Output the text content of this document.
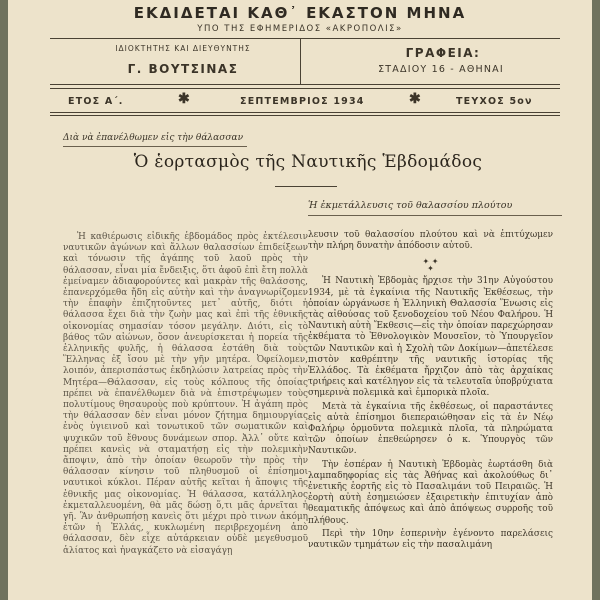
ΕΚΔΙΔΕΤΑΙ ΚΑΘ᾿ ΕΚΑΣΤΟΝ ΜΗΝΑ
ΥΠΟ ΤΗΣ ΕΦΗΜΕΡΙΔΟΣ «ΑΚΡΟΠΟΛΙΣ»
ΙΔΙΟΚΤΗΤΗΣ ΚΑΙ ΔΙΕΥΘΥΝΤΗΣ
Γ. ΒΟΥΤΣΙΝΑΣ
ΓΡΑΦΕΙΑ:
ΣΤΑΔΙΟΥ 16 - ΑΘΗΝΑΙ
ΕΤΟΣ Α΄.	✱	ΣΕΠΤΕΜΒΡΙΟΣ 1934	✱	ΤΕΥΧΟΣ 5ον
Διὰ νὰ ἐπανέλθωμεν εἰς τὴν θάλασσαν
Ὁ ἑορτασμὸς τῆς Ναυτικῆς Ἑβδομάδος
Ἡ ἐκμετάλλευσις τοῦ θαλασσίου πλούτου

Ἡ καθιέρωσις εἰδικῆς ἑβδομάδος πρὸς ἐκτέλεσιν ναυτικῶν ἀγώνων καὶ ἄλλων θαλασσίων ἐπιδείξεων καὶ τόνωσιν τῆς ἀγάπης τοῦ λαοῦ πρὸς τὴν θάλασσαν, εἶναι μία ἔνδειξις, ὅτι ἀφοῦ ἐπὶ ἔτη πολλὰ ἐμείναμεν ἀδιαφορούντες καὶ μακρὰν τῆς θαλάσσης, ἐπανερχόμεθα ἤδη εἰς αὐτὴν καὶ τὴν ἀναγνωρίζομεν τὴν ἐπαφὴν ἐπιζητοῦντες μετ᾿ αὐτῆς, διότι ἡ θάλασσα ἔχει διὰ τὴν ζωὴν μας καὶ ἐπὶ τῆς ἐθνικῆς οἰκονομίας σημασίαν τόσον μεγάλην. Διότι, εἰς τὸ βάθος τῶν αἰώνων, ὅσον ἀνευρίσκεται ἡ πορεία τῆς ἑλληνικῆς φυλῆς, ἡ θάλασσα ἐστάθη διὰ τοὺς Ἕλληνας ἐξ ἴσου μὲ τὴν γῆν μητέρα. Ὀφείλομεν, λοιπόν, ἀπερισπάστως ἐκδηλώσιν λατρείας πρὸς τὴν Μητέρα—Θάλασσαν, εἰς τοὺς κόλπους τῆς ὁποίας πρέπει νὰ ἐπανέλθωμεν διὰ νὰ ἐπιστρέψωμεν τοὺς πολυτίμους θησαυροὺς ποὺ κρύπτουν. Ἡ ἀγάπη πρὸς τὴν θάλασσαν δὲν εἶναι μόνον ζήτημα δημιουργίας ἑνὸς ὑγιεινοῦ καὶ τονωτικοῦ τῶν σωματικῶν καὶ ψυχικῶν τοῦ ἔθνους δυνάμεων σπορ. Ἀλλ᾿ οὔτε καὶ πρέπει κανεὶς νὰ σταματήσῃ εἰς τὴν πολεμικὴν ἄποψιν, ἀπὸ τὴν ὁποίαν θεωροῦν τὴν πρὸς τὴν θάλασσαν κίνησιν τοῦ πληθυσμοῦ οἱ ἐπίσημοι ναυτικοὶ κύκλοι. Πέραν αὐτῆς κεῖται ἡ ἄποψις τῆς ἐθνικῆς μας οἰκονομίας. Ἡ θάλασσα, κατάλληλος ἐκμεταλλευομένη, θὰ μᾶς δώσῃ ὅ,τι μᾶς ἀρνεῖται ἡ γῆ. Ἂν ἀνθρωπήσῃ κανεὶς ὅτι μέχρι πρὸ τινων ἀκόμη ἐτῶν ἡ Ἑλλάς, κυκλωμένη περιβρεχομένη ἀπὸ θάλασσαν, δὲν εἶχε αὐτάρκειαν οὐδὲ μεγεθυσμοῦ ἁλίατος καὶ ἠναγκάζετο νὰ εἰσαγάγῃ

λευσιν τοῦ θαλασσίου πλούτου καὶ νὰ ἐπιτύχωμεν τὴν πλήρη δυνατὴν ἀπόδοσιν αὐτοῦ.

✦ ✦
✦

Ἡ Ναυτικὴ Ἑβδομὰς ἤρχισε τὴν 31ην Αὐγούστου 1934, μὲ τὰ ἐγκαίνια τῆς Ναυτικῆς Ἐκθέσεως, τὴν ὁποίαν ὠργάνωσε ἡ Ἑλληνικὴ Θαλασσία Ἕνωσις εἰς τὰς αἰθούσας τοῦ ξενοδοχείου τοῦ Νέου Φαλήρου. Ἡ Ναυτικὴ αὐτὴ Ἔκθεσις—εἰς τὴν ὁποίαν παρεχώρησαν ἐκθέματα τὸ Ἐθνολογικὸν Μουσεῖον, τὸ Ὑπουργεῖον τῶν Ναυτικῶν καὶ ἡ Σχολὴ τῶν Δοκίμων—ἀπετέλεσε πιστὸν καθρέπτην τῆς ναυτικῆς ἱστορίας τῆς Ἑλλάδος. Τὰ ἐκθέματα ἤρχιζον ἀπὸ τὰς ἀρχαίκας τριήρεις καὶ κατέληγον εἰς τὰ τελευταῖα ὑποβρύχιατα σημερινὰ πολεμικὰ καὶ ἐμπορικὰ πλοῖα.

Μετὰ τὰ ἐγκαίνια τῆς ἐκθέσεως, οἱ παραστάντες εἰς αὐτὰ ἐπίσημοι διεπεραιώθησαν εἰς τὰ ἐν Νέῳ Φαλήρῳ ὁρμοῦντα πολεμικὰ πλοῖα, τὰ πληρώματα τῶν ὁποίων ἐπεθεώρησεν ὁ κ. Ὑπουργὸς τῶν Ναυτικῶν.

Τὴν ἑσπέραν ἡ Ναυτικὴ Ἑβδομὰς ἑωρτάσθη διὰ λαμπαδηφορίας εἰς τὰς Ἀθήνας καὶ ἀκολούθως δι᾿ ἐνετικῆς ἑορτῆς εἰς τὸ Πασαλιμάνι τοῦ Πειραιῶς. Ἡ ἑορτὴ αὐτὴ ἐσημειώσεν ἐξαιρετικὴν ἐπιτυχίαν ἀπὸ θεαματικῆς ἀπόψεως καὶ ἀπὸ ἀπόψεως συρροῆς τοῦ πλήθους.

Περὶ τὴν 10ην ἑσπερινὴν ἐγένοντο παρελάσεις ναυτικῶν τμημάτων εἰς τὴν πασαλιμάνη
